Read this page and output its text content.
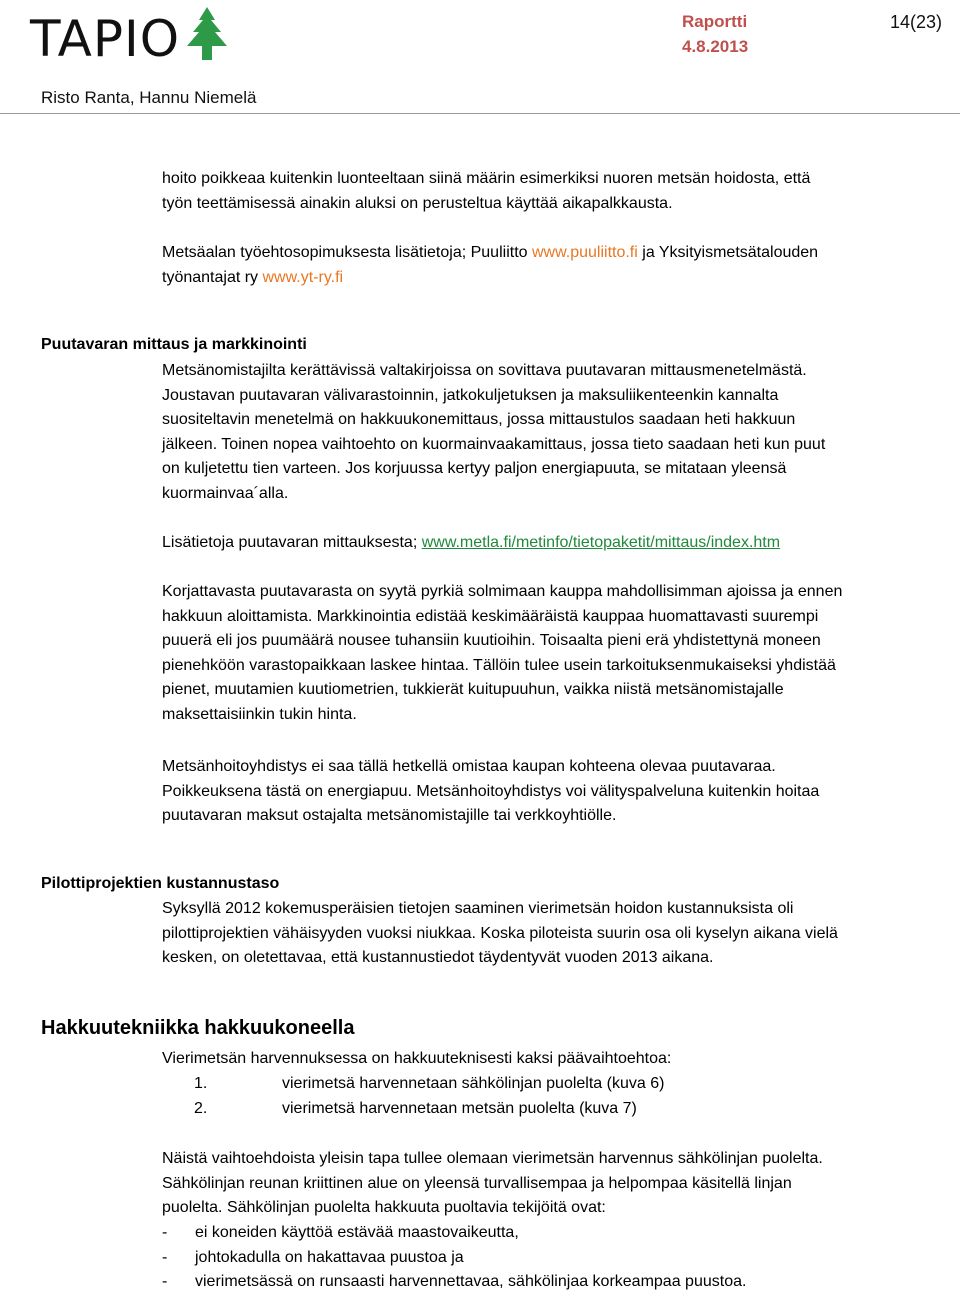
TAPIO	Raportti
4.8.2013
14(23)
Risto Ranta, Hannu Niemelä
hoito poikkeaa kuitenkin luonteeltaan siinä määrin esimerkiksi nuoren metsän hoidosta, että
työn teettämisessä ainakin aluksi on perusteltua käyttää aikapalkkausta.
Metsäalan työehtosopimuksesta lisätietoja; Puuliitto www.puuliitto.fi ja Yksityismetsätalouden
työnantajat ry www.yt-ry.fi
Puutavaran mittaus ja markkinointi
Metsänomistajilta kerättävissä valtakirjoissa on sovittava puutavaran mittausmenetelmästä.
Joustavan puutavaran välivarastoinnin, jatkokuljetuksen ja maksuliikenteenkin kannalta
suositeltavin menetelmä on hakkuukonemittaus, jossa mittaustulos saadaan heti hakkuun
jälkeen. Toinen nopea vaihtoehto on kuormainvaakamittaus, jossa tieto saadaan heti kun puut
on kuljetettu tien varteen. Jos korjuussa kertyy paljon energiapuuta, se mitataan yleensä
kuormainvaa´alla.
Lisätietoja puutavaran mittauksesta; www.metla.fi/metinfo/tietopaketit/mittaus/index.htm
Korjattavasta puutavarasta on syytä pyrkiä solmimaan kauppa mahdollisimman ajoissa ja ennen
hakkuun aloittamista. Markkinointia edistää keskimääräistä kauppaa huomattavasti suurempi
puuerä eli jos puumäärä nousee tuhansiin kuutioihin. Toisaalta pieni erä yhdistettynä moneen
pienehköön varastopaikkaan laskee hintaa. Tällöin tulee usein tarkoituksenmukaiseksi yhdistää
pienet, muutamien kuutiometrien, tukkierät kuitupuuhun, vaikka niistä metsänomistajalle
maksettaisiinkin tukin hinta.
Metsänhoitoyhdistys ei saa tällä hetkellä omistaa kaupan kohteena olevaa puutavaraa.
Poikkeuksena tästä on energiapuu. Metsänhoitoyhdistys voi välityspalveluna kuitenkin hoitaa
puutavaran maksut ostajalta metsänomistajille tai verkkoyhtiölle.
Pilottiprojektien kustannustaso
Syksyllä 2012 kokemusperäisien tietojen saaminen vierimetsän hoidon kustannuksista oli
pilottiprojektien vähäisyyden vuoksi niukkaa. Koska piloteista suurin osa oli kyselyn aikana vielä
kesken, on oletettavaa, että kustannustiedot täydentyvät vuoden 2013 aikana.
Hakkuutekniikka hakkuukoneella
Vierimetsän harvennuksessa on hakkuuteknisesti kaksi päävaihtoehtoa:
1.	vierimetsä harvennetaan sähkölinjan puolelta (kuva 6)
2.	vierimetsä harvennetaan metsän puolelta (kuva 7)
Näistä vaihtoehdoista yleisin tapa tullee olemaan vierimetsän harvennus sähkölinjan puolelta.
Sähkölinjan reunan kriittinen alue on yleensä turvallisempaa ja helpompaa käsitellä linjan
puolelta. Sähkölinjan puolelta hakkuuta puoltavia tekijöitä ovat:
- ei koneiden käyttöä estävää maastovaikeutta,
- johtokadulla on hakattavaa puustoa ja
- vierimetsässä on runsaasti harvennettavaa, sähkölinjaa korkeampaa puustoa.
